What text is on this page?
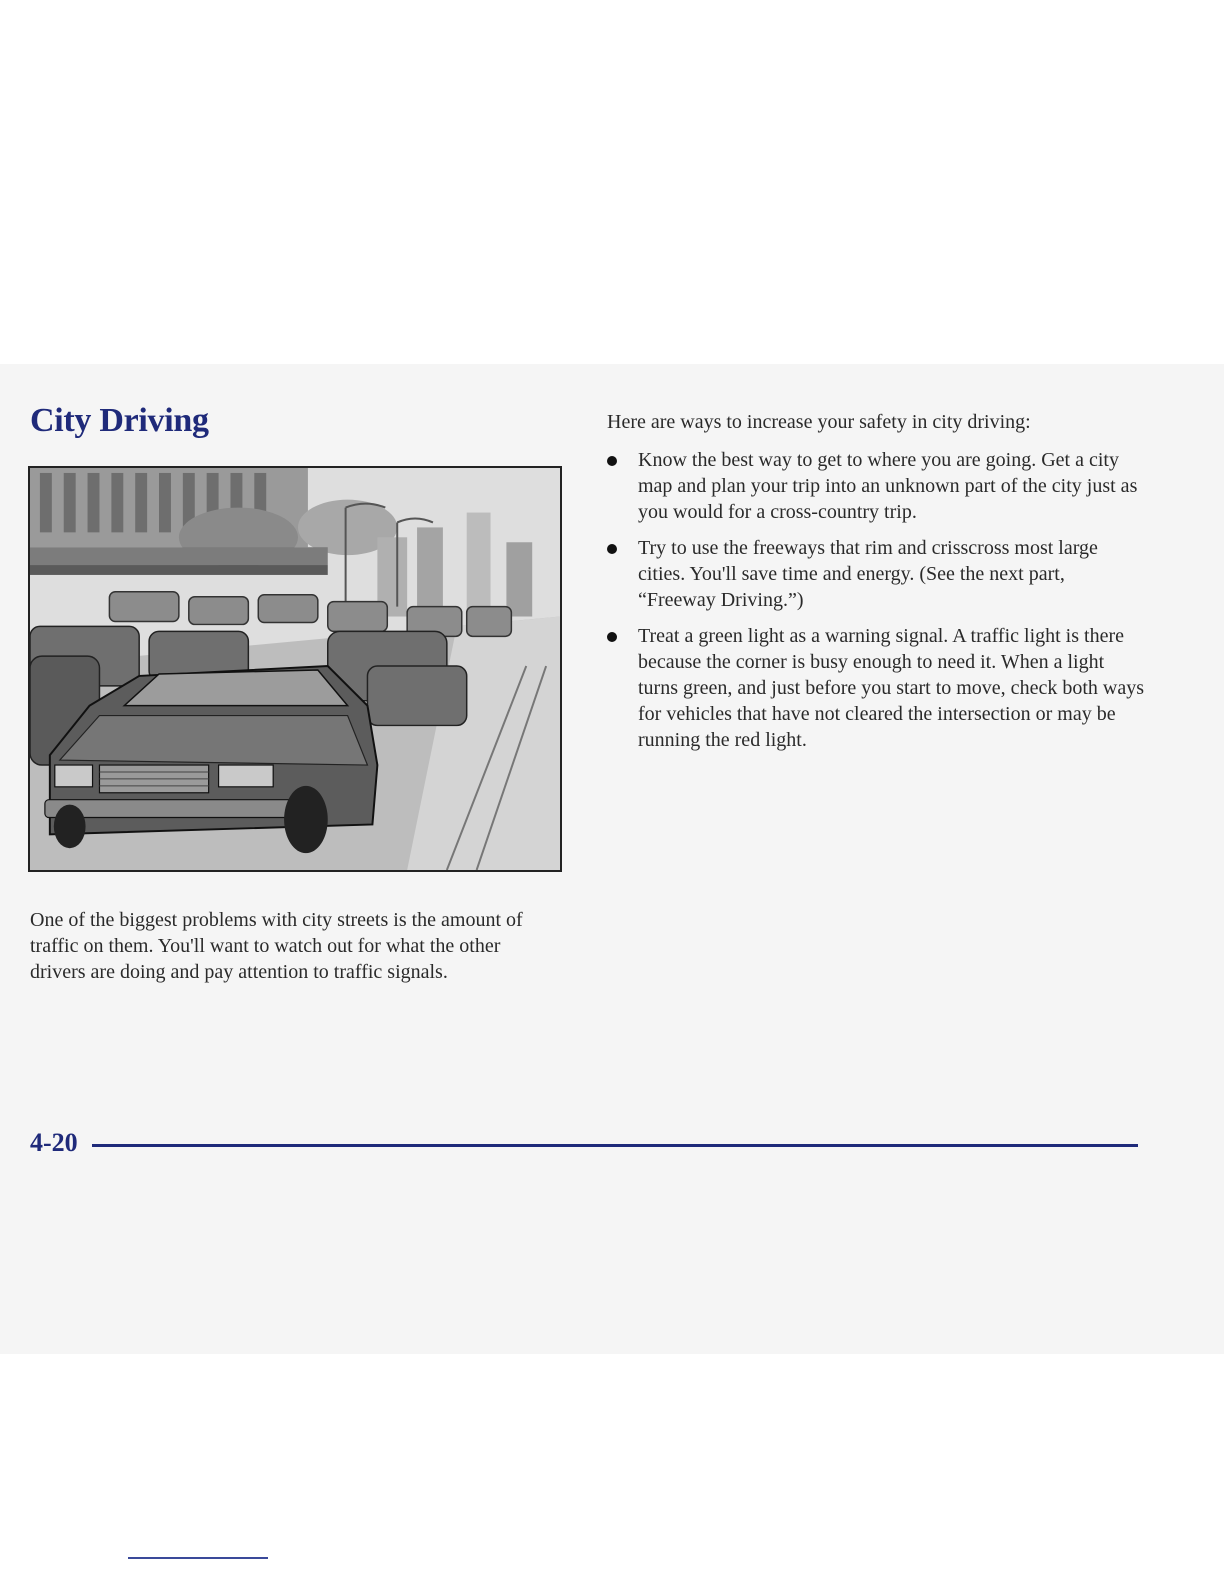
City Driving

One of the biggest problems with city streets is the amount of traffic on them. You'll want to watch out for what the other drivers are doing and pay attention to traffic signals.

Here are ways to increase your safety in city driving:

Know the best way to get to where you are going. Get a city map and plan your trip into an unknown part of the city just as you would for a cross-country trip.
Try to use the freeways that rim and crisscross most large cities. You'll save time and energy. (See the next part, “Freeway Driving.”)
Treat a green light as a warning signal. A traffic light is there because the corner is busy enough to need it. When a light turns green, and just before you start to move, check both ways for vehicles that have not cleared the intersection or may be running the red light.

4-20
